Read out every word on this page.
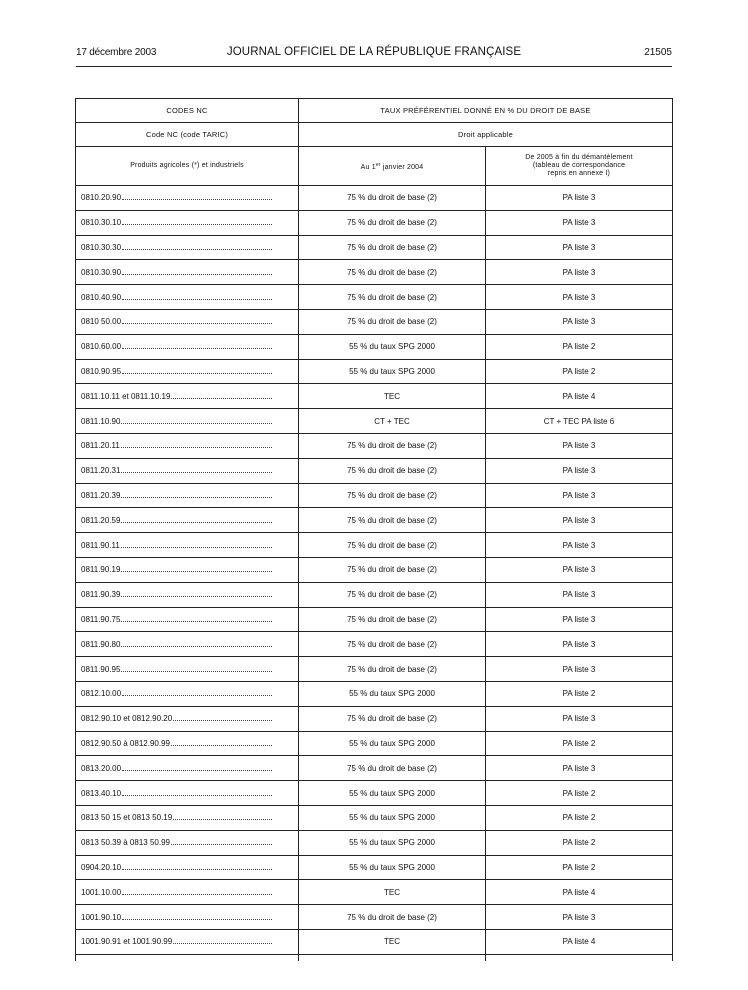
17 décembre 2003	JOURNAL OFFICIEL DE LA RÉPUBLIQUE FRANÇAISE	21505
CODES NC	TAUX PRÉFÉRENTIEL DONNÉ EN % DU DROIT DE BASE	
Code NC (code TARIC)	Droit applicable	
Produits agricoles (*) et industriels	Au 1er janvier 2004	De 2005 à fin du démantèlement
(tableau de correspondance
repris en annexe I)

0810.20.90	75 % du droit de base (2)	PA liste 3

0810.30.10	75 % du droit de base (2)	PA liste 3

0810.30.30	75 % du droit de base (2)	PA liste 3

0810.30.90	75 % du droit de base (2)	PA liste 3

0810.40.90	75 % du droit de base (2)	PA liste 3

0810 50.00	75 % du droit de base (2)	PA liste 3

0810.60.00	55 % du taux SPG 2000	PA liste 2

0810.90.95	55 % du taux SPG 2000	PA liste 2

0811.10.11 et 0811.10.19	TEC	PA liste 4

0811.10.90	CT + TEC	CT + TEC PA liste 6

0811.20.11	75 % du droit de base (2)	PA liste 3

0811.20.31	75 % du droit de base (2)	PA liste 3

0811.20.39	75 % du droit de base (2)	PA liste 3

0811.20.59	75 % du droit de base (2)	PA liste 3

0811.90.11	75 % du droit de base (2)	PA liste 3

0811.90.19	75 % du droit de base (2)	PA liste 3

0811.90.39	75 % du droit de base (2)	PA liste 3

0811.90.75	75 % du droit de base (2)	PA liste 3

0811.90.80	75 % du droit de base (2)	PA liste 3

0811.90.95	75 % du droit de base (2)	PA liste 3

0812.10.00	55 % du taux SPG 2000	PA liste 2

0812.90.10 et 0812.90.20	75 % du droit de base (2)	PA liste 3

0812.90.50 à 0812.90.99	55 % du taux SPG 2000	PA liste 2

0813.20.00	75 % du droit de base (2)	PA liste 3

0813.40.10	55 % du taux SPG 2000	PA liste 2

0813 50 15 et 0813 50.19	55 % du taux SPG 2000	PA liste 2

0813 50.39 à 0813 50.99	55 % du taux SPG 2000	PA liste 2

0904.20.10	55 % du taux SPG 2000	PA liste 2

1001.10.00	TEC	PA liste 4

1001.90.10	75 % du droit de base (2)	PA liste 3

1001.90.91 et 1001.90.99	TEC	PA liste 4
